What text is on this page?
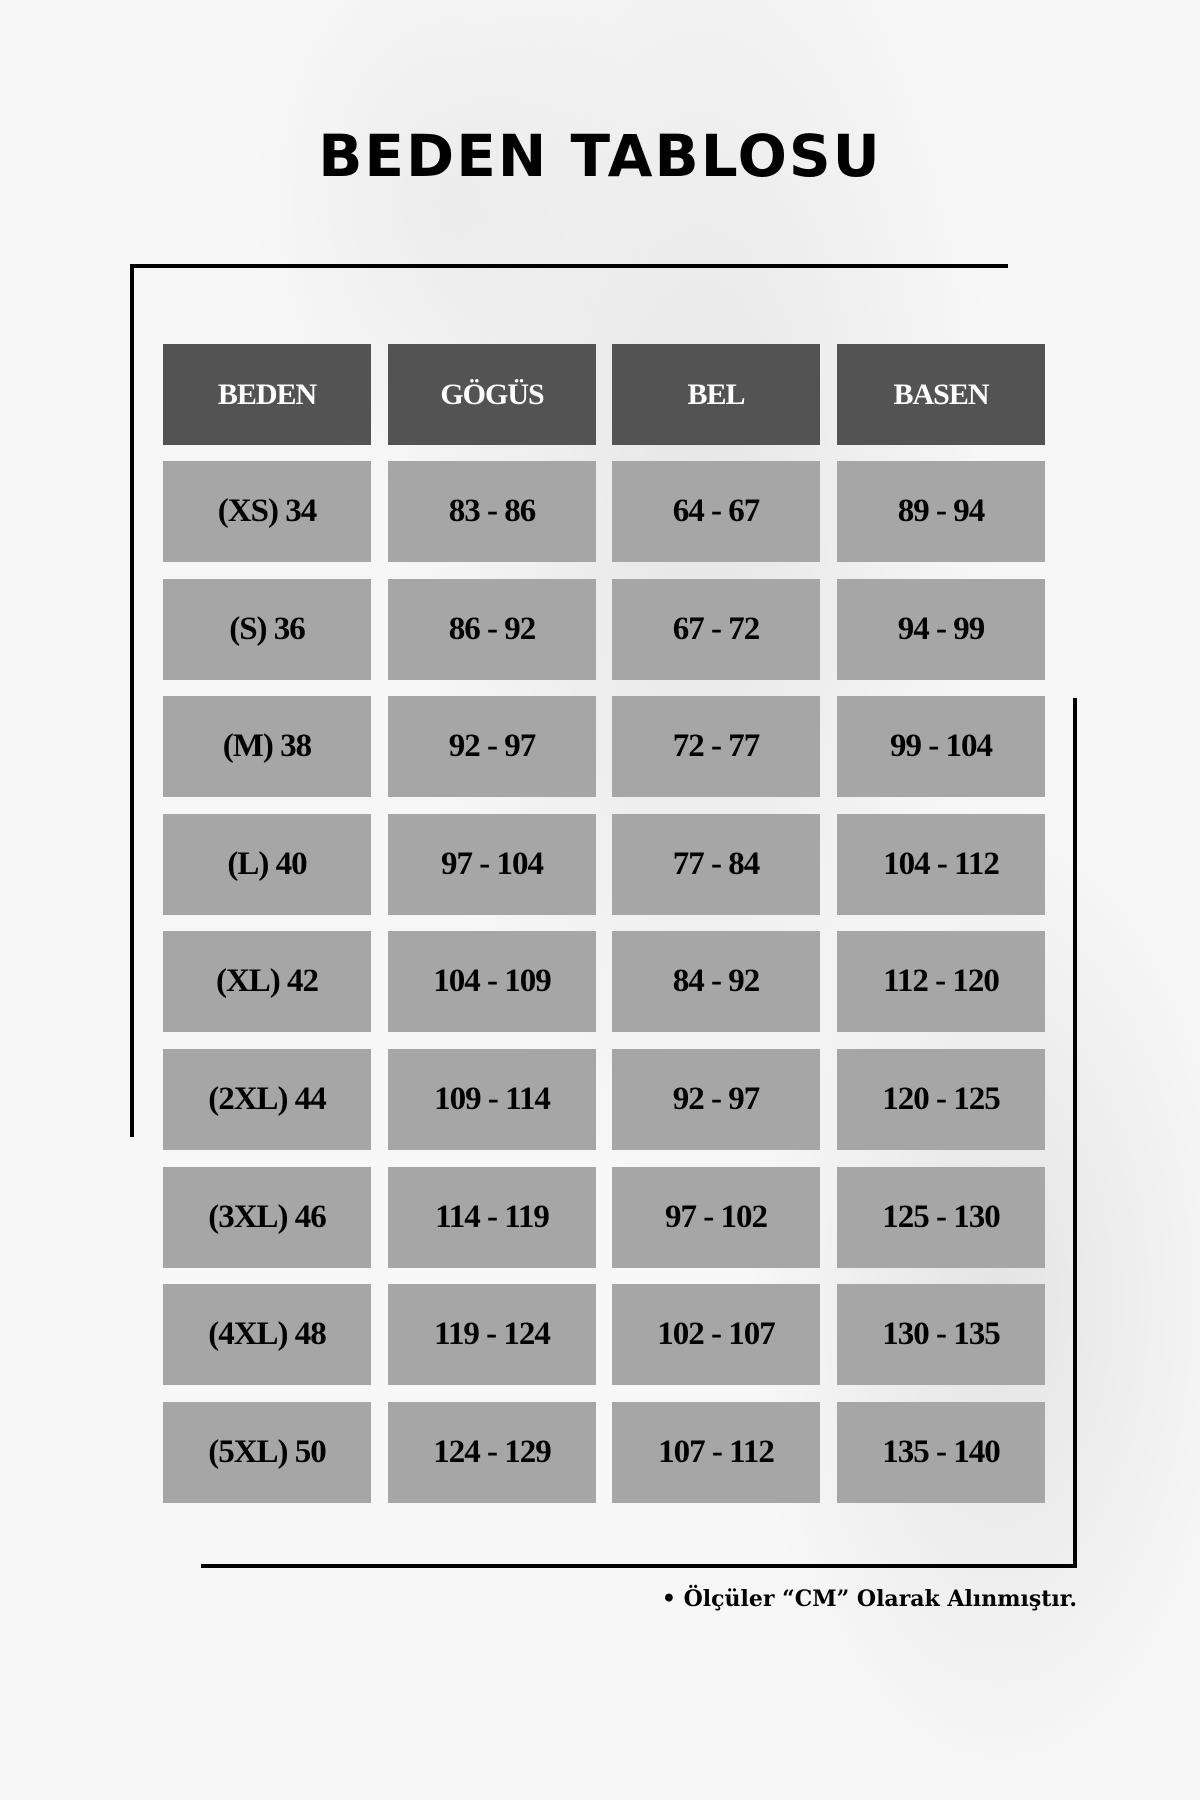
BEDEN TABLOSU
BEDEN	GÖGÜS	BEL	BASEN
(XS) 34	83 - 86	64 - 67	89 - 94
(S) 36	86 - 92	67 - 72	94 - 99
(M) 38	92 - 97	72 - 77	99 - 104
(L) 40	97 - 104	77 - 84	104 - 112
(XL) 42	104 - 109	84 - 92	112 - 120
(2XL) 44	109 - 114	92 - 97	120 - 125
(3XL) 46	114 - 119	97 - 102	125 - 130
(4XL) 48	119 - 124	102 - 107	130 - 135
(5XL) 50	124 - 129	107 - 112	135 - 140
• Ölçüler “CM” Olarak Alınmıştır.
